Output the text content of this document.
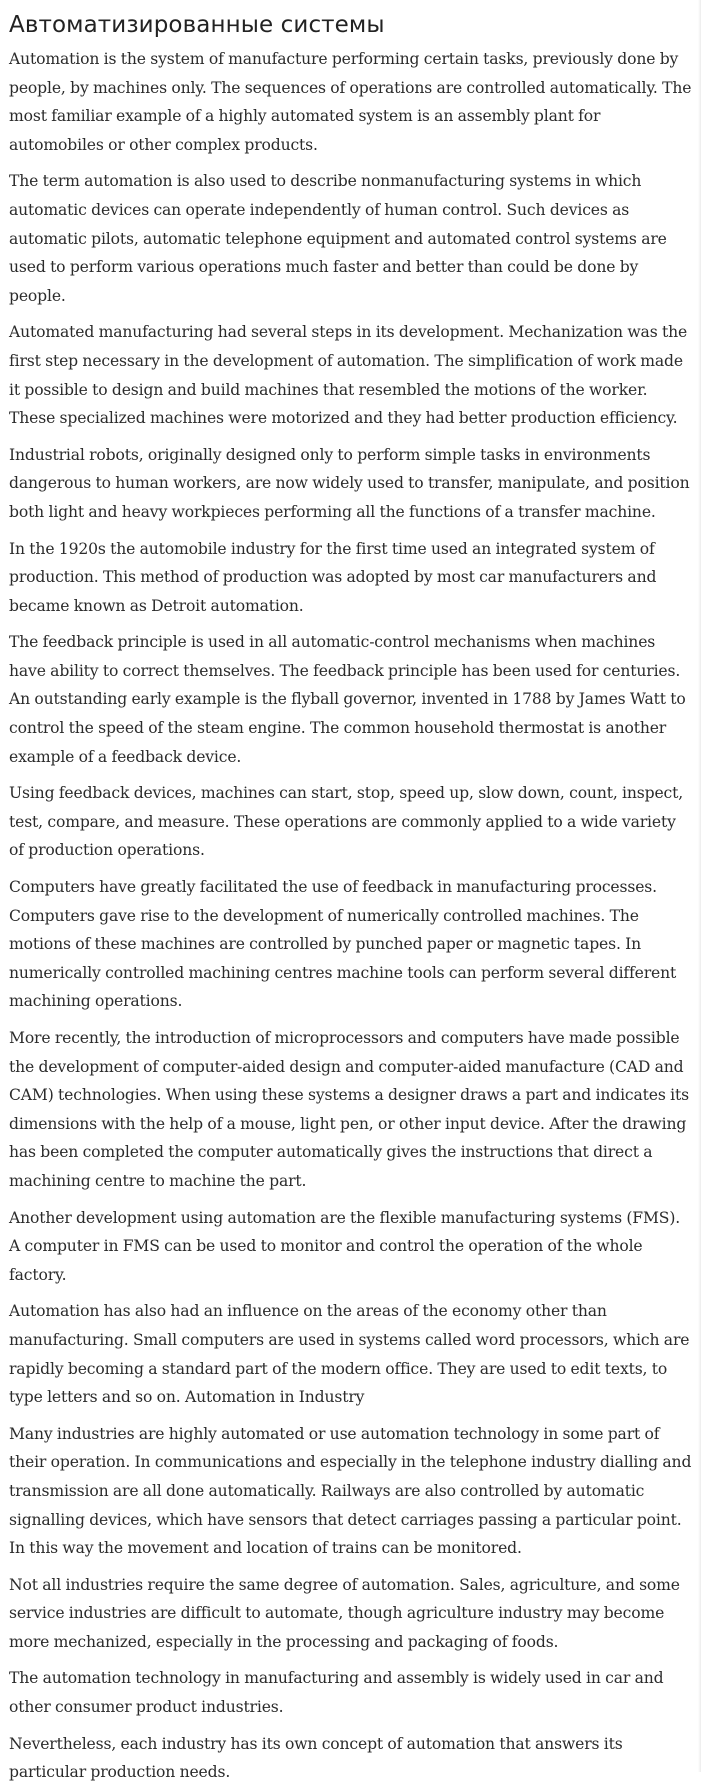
Автоматизированные системы

Automation is the system of manufacture performing certain tasks, previously done by people, by machines only. The sequences of operations are controlled automatically. The most familiar example of a highly automated system is an assembly plant for automobiles or other complex products.

The term automation is also used to describe nonmanufacturing systems in which automatic devices can operate independently of human control. Such devices as automatic pilots, automatic telephone equipment and automated control systems are used to perform various operations much faster and better than could be done by people.

Automated manufacturing had several steps in its development. Mechanization was the first step necessary in the development of automation. The simplification of work made it possible to design and build machines that resembled the motions of the worker. These specialized machines were motorized and they had better production efficiency.

Industrial robots, originally designed only to perform simple tasks in environments dangerous to human workers, are now widely used to transfer, manipulate, and position both light and heavy workpieces performing all the functions of a transfer machine.

In the 1920s the automobile industry for the first time used an integrated system of production. This method of production was adopted by most car manufacturers and became known as Detroit automation.

The feedback principle is used in all automatic-control mechanisms when machines have ability to correct themselves. The feedback principle has been used for centuries. An outstanding early example is the flyball governor, invented in 1788 by James Watt to control the speed of the steam engine. The common household thermostat is another example of a feedback device.

Using feedback devices, machines can start, stop, speed up, slow down, count, inspect, test, compare, and measure. These operations are commonly applied to a wide variety of production operations.

Computers have greatly facilitated the use of feedback in manufacturing processes. Computers gave rise to the development of numerically controlled machines. The motions of these machines are controlled by punched paper or magnetic tapes. In numerically controlled machining centres machine tools can perform several different machining operations.

More recently, the introduction of microprocessors and computers have made possible the development of computer-aided design and computer-aided manufacture (CAD and CAM) technologies. When using these systems a designer draws a part and indicates its dimensions with the help of a mouse, light pen, or other input device. After the drawing has been completed the computer automatically gives the instructions that direct a machining centre to machine the part.

Another development using automation are the flexible manufacturing systems (FMS). A computer in FMS can be used to monitor and control the operation of the whole factory.

Automation has also had an influence on the areas of the economy other than manufacturing. Small computers are used in systems called word processors, which are rapidly becoming a standard part of the modern office. They are used to edit texts, to type letters and so on. Automation in Industry

Many industries are highly automated or use automation technology in some part of their operation. In communications and especially in the telephone industry dialling and transmission are all done automatically. Railways are also controlled by automatic signalling devices, which have sensors that detect carriages passing a particular point. In this way the movement and location of trains can be monitored.

Not all industries require the same degree of automation. Sales, agriculture, and some service industries are difficult to automate, though agriculture industry may become more mechanized, especially in the processing and packaging of foods.

The automation technology in manufacturing and assembly is widely used in car and other consumer product industries.

Nevertheless, each industry has its own concept of automation that answers its particular production needs.
